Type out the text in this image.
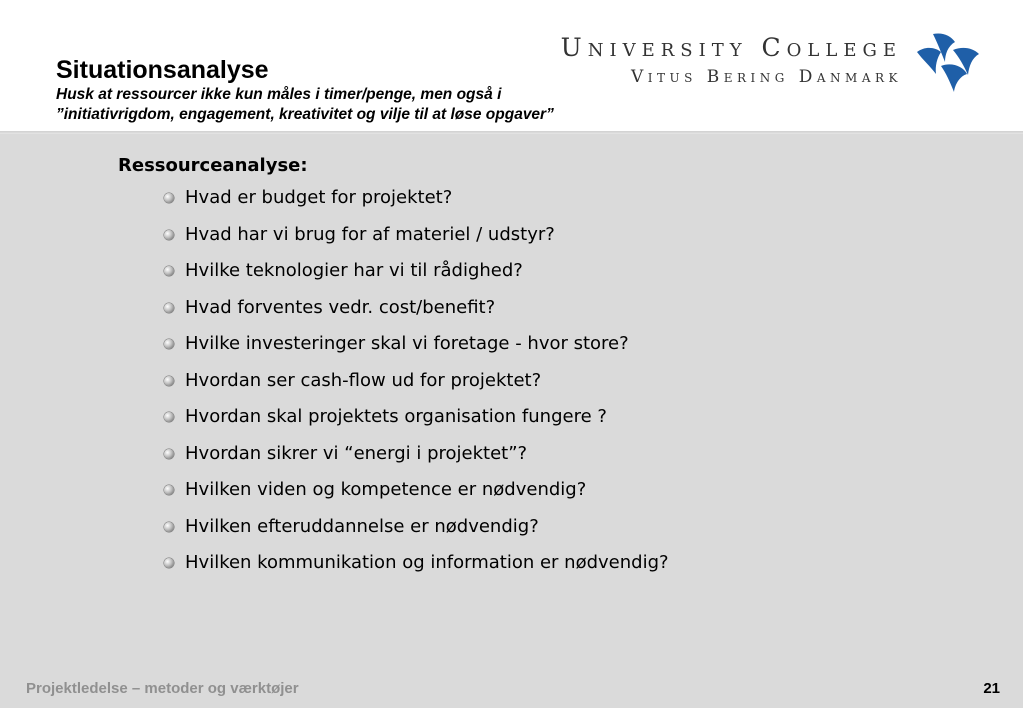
Situationsanalyse
Husk at ressourcer ikke kun måles i timer/penge, men også i
”initiativrigdom, engagement, kreativitet og vilje til at løse opgaver”
University College
Vitus Bering Danmark
Ressourceanalyse:
Hvad er budget for projektet?
Hvad har vi brug for af materiel / udstyr?
Hvilke teknologier har vi til rådighed?
Hvad forventes vedr. cost/benefit?
Hvilke investeringer skal vi foretage - hvor store?
Hvordan ser cash-flow ud for projektet?
Hvordan skal projektets organisation fungere ?
Hvordan sikrer vi “energi i projektet”?
Hvilken viden og kompetence er nødvendig?
Hvilken efteruddannelse er nødvendig?
Hvilken kommunikation og information er nødvendig?
Projektledelse – metoder og værktøjer	21
